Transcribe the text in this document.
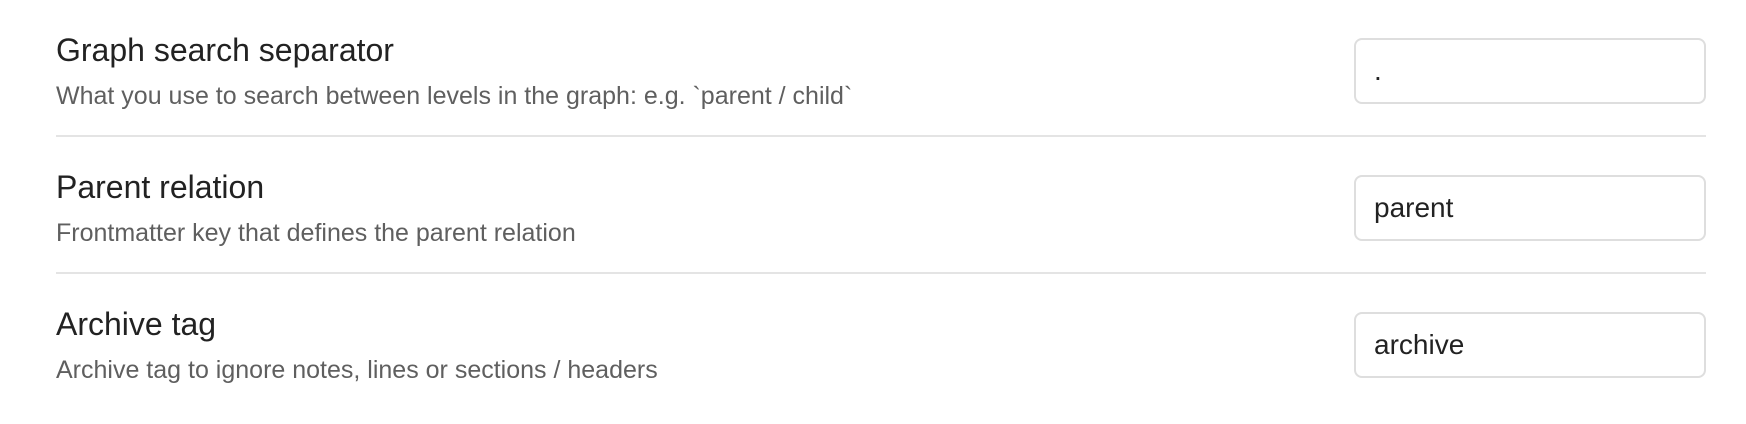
Graph search separator
What you use to search between levels in the graph: e.g. `parent / child`
.
Parent relation
Frontmatter key that defines the parent relation
parent
Archive tag
Archive tag to ignore notes, lines or sections / headers
archive
